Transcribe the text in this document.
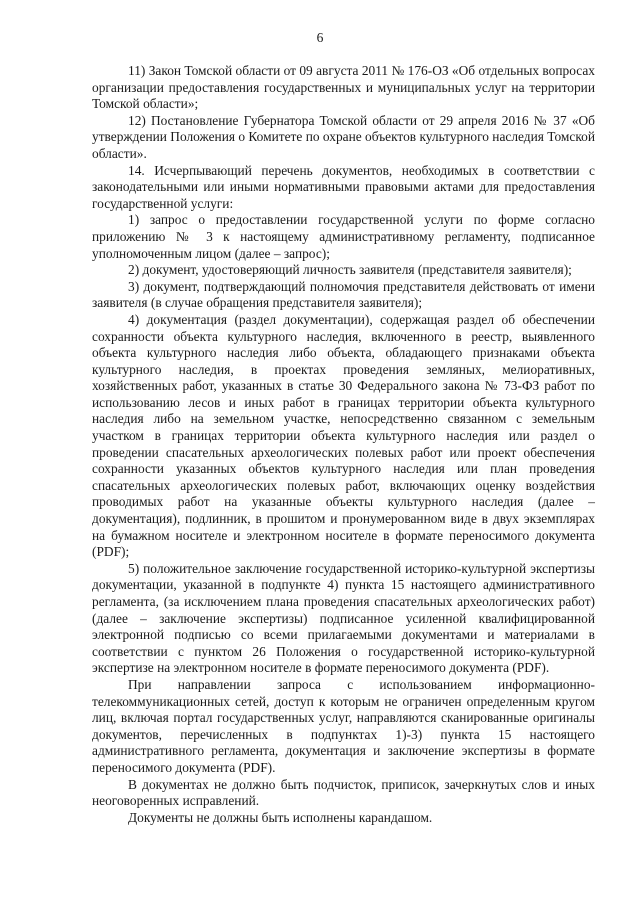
6

11) Закон Томской области от 09 августа 2011 № 176-ОЗ «Об отдельных вопросах организации предоставления государственных и муниципальных услуг на территории Томской области»;

12) Постановление Губернатора Томской области от 29 апреля 2016 № 37 «Об утверждении Положения о Комитете по охране объектов культурного наследия Томской области».

14. Исчерпывающий перечень документов, необходимых в соответствии с законодательными или иными нормативными правовыми актами для предоставления государственной услуги:

1) запрос о предоставлении государственной услуги по форме согласно приложению № 3 к настоящему административному регламенту, подписанное уполномоченным лицом (далее – запрос);

2) документ, удостоверяющий личность заявителя (представителя заявителя);

3) документ, подтверждающий полномочия представителя действовать от имени заявителя (в случае обращения представителя заявителя);

4) документация (раздел документации), содержащая раздел об обеспечении сохранности объекта культурного наследия, включенного в реестр, выявленного объекта культурного наследия либо объекта, обладающего признаками объекта культурного наследия, в проектах проведения земляных, мелиоративных, хозяйственных работ, указанных в статье 30 Федерального закона № 73-ФЗ работ по использованию лесов и иных работ в границах территории объекта культурного наследия либо на земельном участке, непосредственно связанном с земельным участком в границах территории объекта культурного наследия или раздел о проведении спасательных археологических полевых работ или проект обеспечения сохранности указанных объектов культурного наследия или план проведения спасательных археологических полевых работ, включающих оценку воздействия проводимых работ на указанные объекты культурного наследия (далее – документация), подлинник, в прошитом и пронумерованном виде в двух экземплярах на бумажном носителе и электронном носителе в формате переносимого документа (PDF);

5) положительное заключение государственной историко-культурной экспертизы документации, указанной в подпункте 4) пункта 15 настоящего административного регламента, (за исключением плана проведения спасательных археологических работ) (далее – заключение экспертизы) подписанное усиленной квалифицированной электронной подписью со всеми прилагаемыми документами и материалами в соответствии с пунктом 26 Положения о государственной историко-культурной экспертизе на электронном носителе в формате переносимого документа (PDF).

При направлении запроса с использованием информационно-телекоммуникационных сетей, доступ к которым не ограничен определенным кругом лиц, включая портал государственных услуг, направляются сканированные оригиналы документов, перечисленных в подпунктах 1)-3) пункта 15 настоящего административного регламента, документация и заключение экспертизы в формате переносимого документа (PDF).

В документах не должно быть подчисток, приписок, зачеркнутых слов и иных неоговоренных исправлений.

Документы не должны быть исполнены карандашом.
